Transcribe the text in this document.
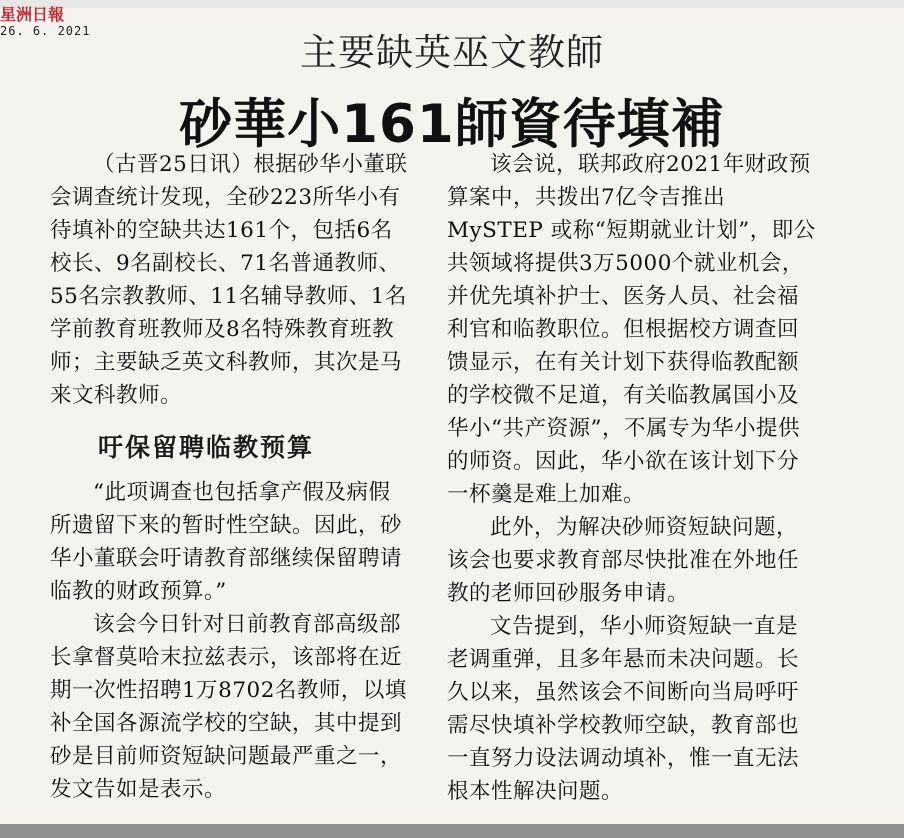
星洲日報
26. 6. 2021	主要缺英巫文教師
砂華小161師資待填補

（古晋25日讯）根据砂华小董联会调查统计发现，全砂223所华小有待填补的空缺共达161个，包括6名校长、9名副校长、71名普通教师、55名宗教教师、11名辅导教师、1名学前教育班教师及8名特殊教育班教师；主要缺乏英文科教师，其次是马来文科教师。

吁保留聘临教预算

“此项调查也包括拿产假及病假所遗留下来的暂时性空缺。因此，砂华小董联会吁请教育部继续保留聘请临教的财政预算。”

该会今日针对日前教育部高级部长拿督莫哈末拉兹表示，该部将在近期一次性招聘1万8702名教师，以填补全国各源流学校的空缺，其中提到砂是目前师资短缺问题最严重之一，发文告如是表示。

该会说，联邦政府2021年财政预算案中，共拨出7亿令吉推出MySTEP 或称“短期就业计划”，即公共领域将提供3万5000个就业机会，并优先填补护士、医务人员、社会福利官和临教职位。但根据校方调查回馈显示，在有关计划下获得临教配额的学校微不足道，有关临教属国小及华小“共产资源”，不属专为华小提供的师资。因此，华小欲在该计划下分一杯羹是难上加难。

此外，为解决砂师资短缺问题，该会也要求教育部尽快批准在外地任教的老师回砂服务申请。

文告提到，华小师资短缺一直是老调重弹，且多年悬而未决问题。长久以来，虽然该会不间断向当局呼吁需尽快填补学校教师空缺，教育部也一直努力设法调动填补，惟一直无法根本性解决问题。
